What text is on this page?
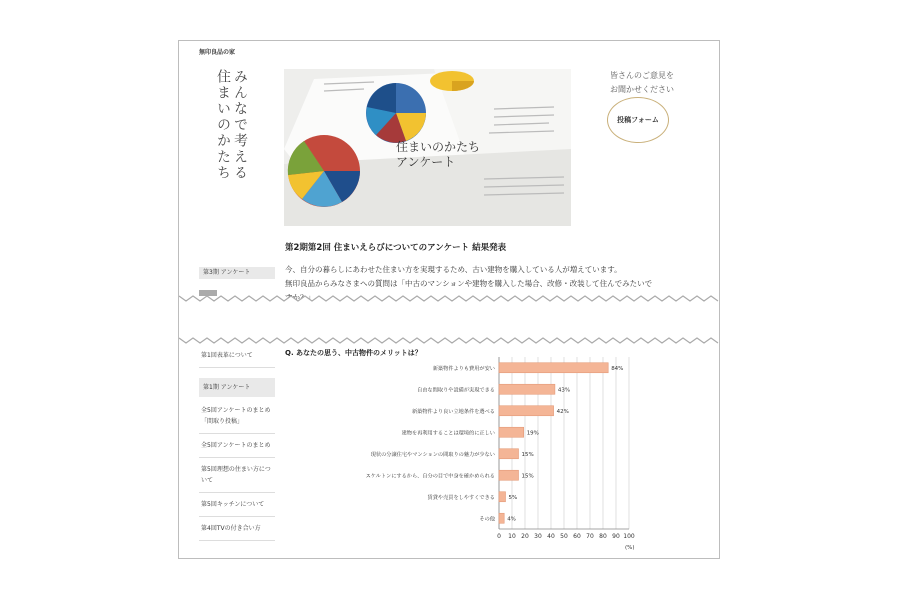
無印良品の家
みんなで考える
住まいのかたち	住まいのかたち
アンケート
皆さんのご意見を
お聞かせください
投稿フォーム
第2期第2回 住まいえらびについてのアンケート 結果発表

今、自分の暮らしにあわせた住まい方を実現するため、古い建物を購入している人が増えています。

無印良品からみなさまへの質問は「中古のマンションや建物を購入した場合、改修・改装して住んでみたいで

すか？」

第3期 アンケート
Q. あなたの思う、中古物件のメリットは？
第1回表革について
第1期 アンケート
全5回アンケートのまとめ「間取り投稿」
全5回アンケートのまとめ
第5回理想の住まい方について
第5回キッチンについて
第4回TVの付き合い方
0 10 20 30 40 50 60 70 80 90 100
新築物件よりも費用が安い	84%
自由な間取りや設備が実現できる	43%
新築物件より良い立地条件を選べる	42%
建物を再利用することは環境的に正しい	19%
現状の分譲住宅やマンションの間取りの魅力が少ない	15%
スケルトンにするから、自分の目で中身を確かめられる	15%
賃貸や売買をしやすくできる 5%
その他 4%
(%)
